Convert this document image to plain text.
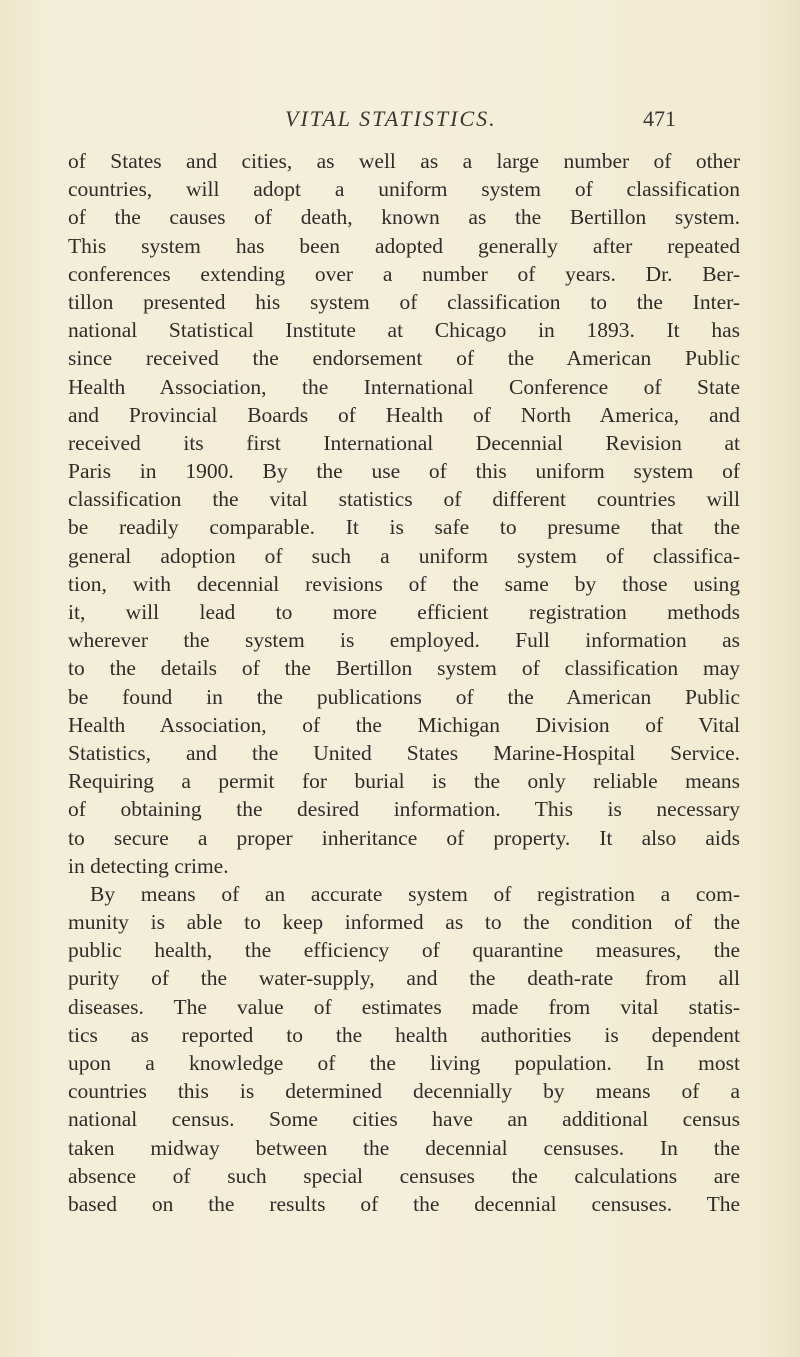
VITAL STATISTICS.	471
of States and cities, as well as a large number of other
countries, will adopt a uniform system of classification
of the causes of death, known as the Bertillon system.
This system has been adopted generally after repeated
conferences extending over a number of years. Dr. Ber-
tillon presented his system of classification to the Inter-
national Statistical Institute at Chicago in 1893. It has
since received the endorsement of the American Public
Health Association, the International Conference of State
and Provincial Boards of Health of North America, and
received its first International Decennial Revision at
Paris in 1900. By the use of this uniform system of
classification the vital statistics of different countries will
be readily comparable. It is safe to presume that the
general adoption of such a uniform system of classifica-
tion, with decennial revisions of the same by those using
it, will lead to more efficient registration methods
wherever the system is employed. Full information as
to the details of the Bertillon system of classification may
be found in the publications of the American Public
Health Association, of the Michigan Division of Vital
Statistics, and the United States Marine-Hospital Service.
Requiring a permit for burial is the only reliable means
of obtaining the desired information. This is necessary
to secure a proper inheritance of property. It also aids
in detecting crime.
By means of an accurate system of registration a com-
munity is able to keep informed as to the condition of the
public health, the efficiency of quarantine measures, the
purity of the water-supply, and the death-rate from all
diseases. The value of estimates made from vital statis-
tics as reported to the health authorities is dependent
upon a knowledge of the living population. In most
countries this is determined decennially by means of a
national census. Some cities have an additional census
taken midway between the decennial censuses. In the
absence of such special censuses the calculations are
based on the results of the decennial censuses. The
